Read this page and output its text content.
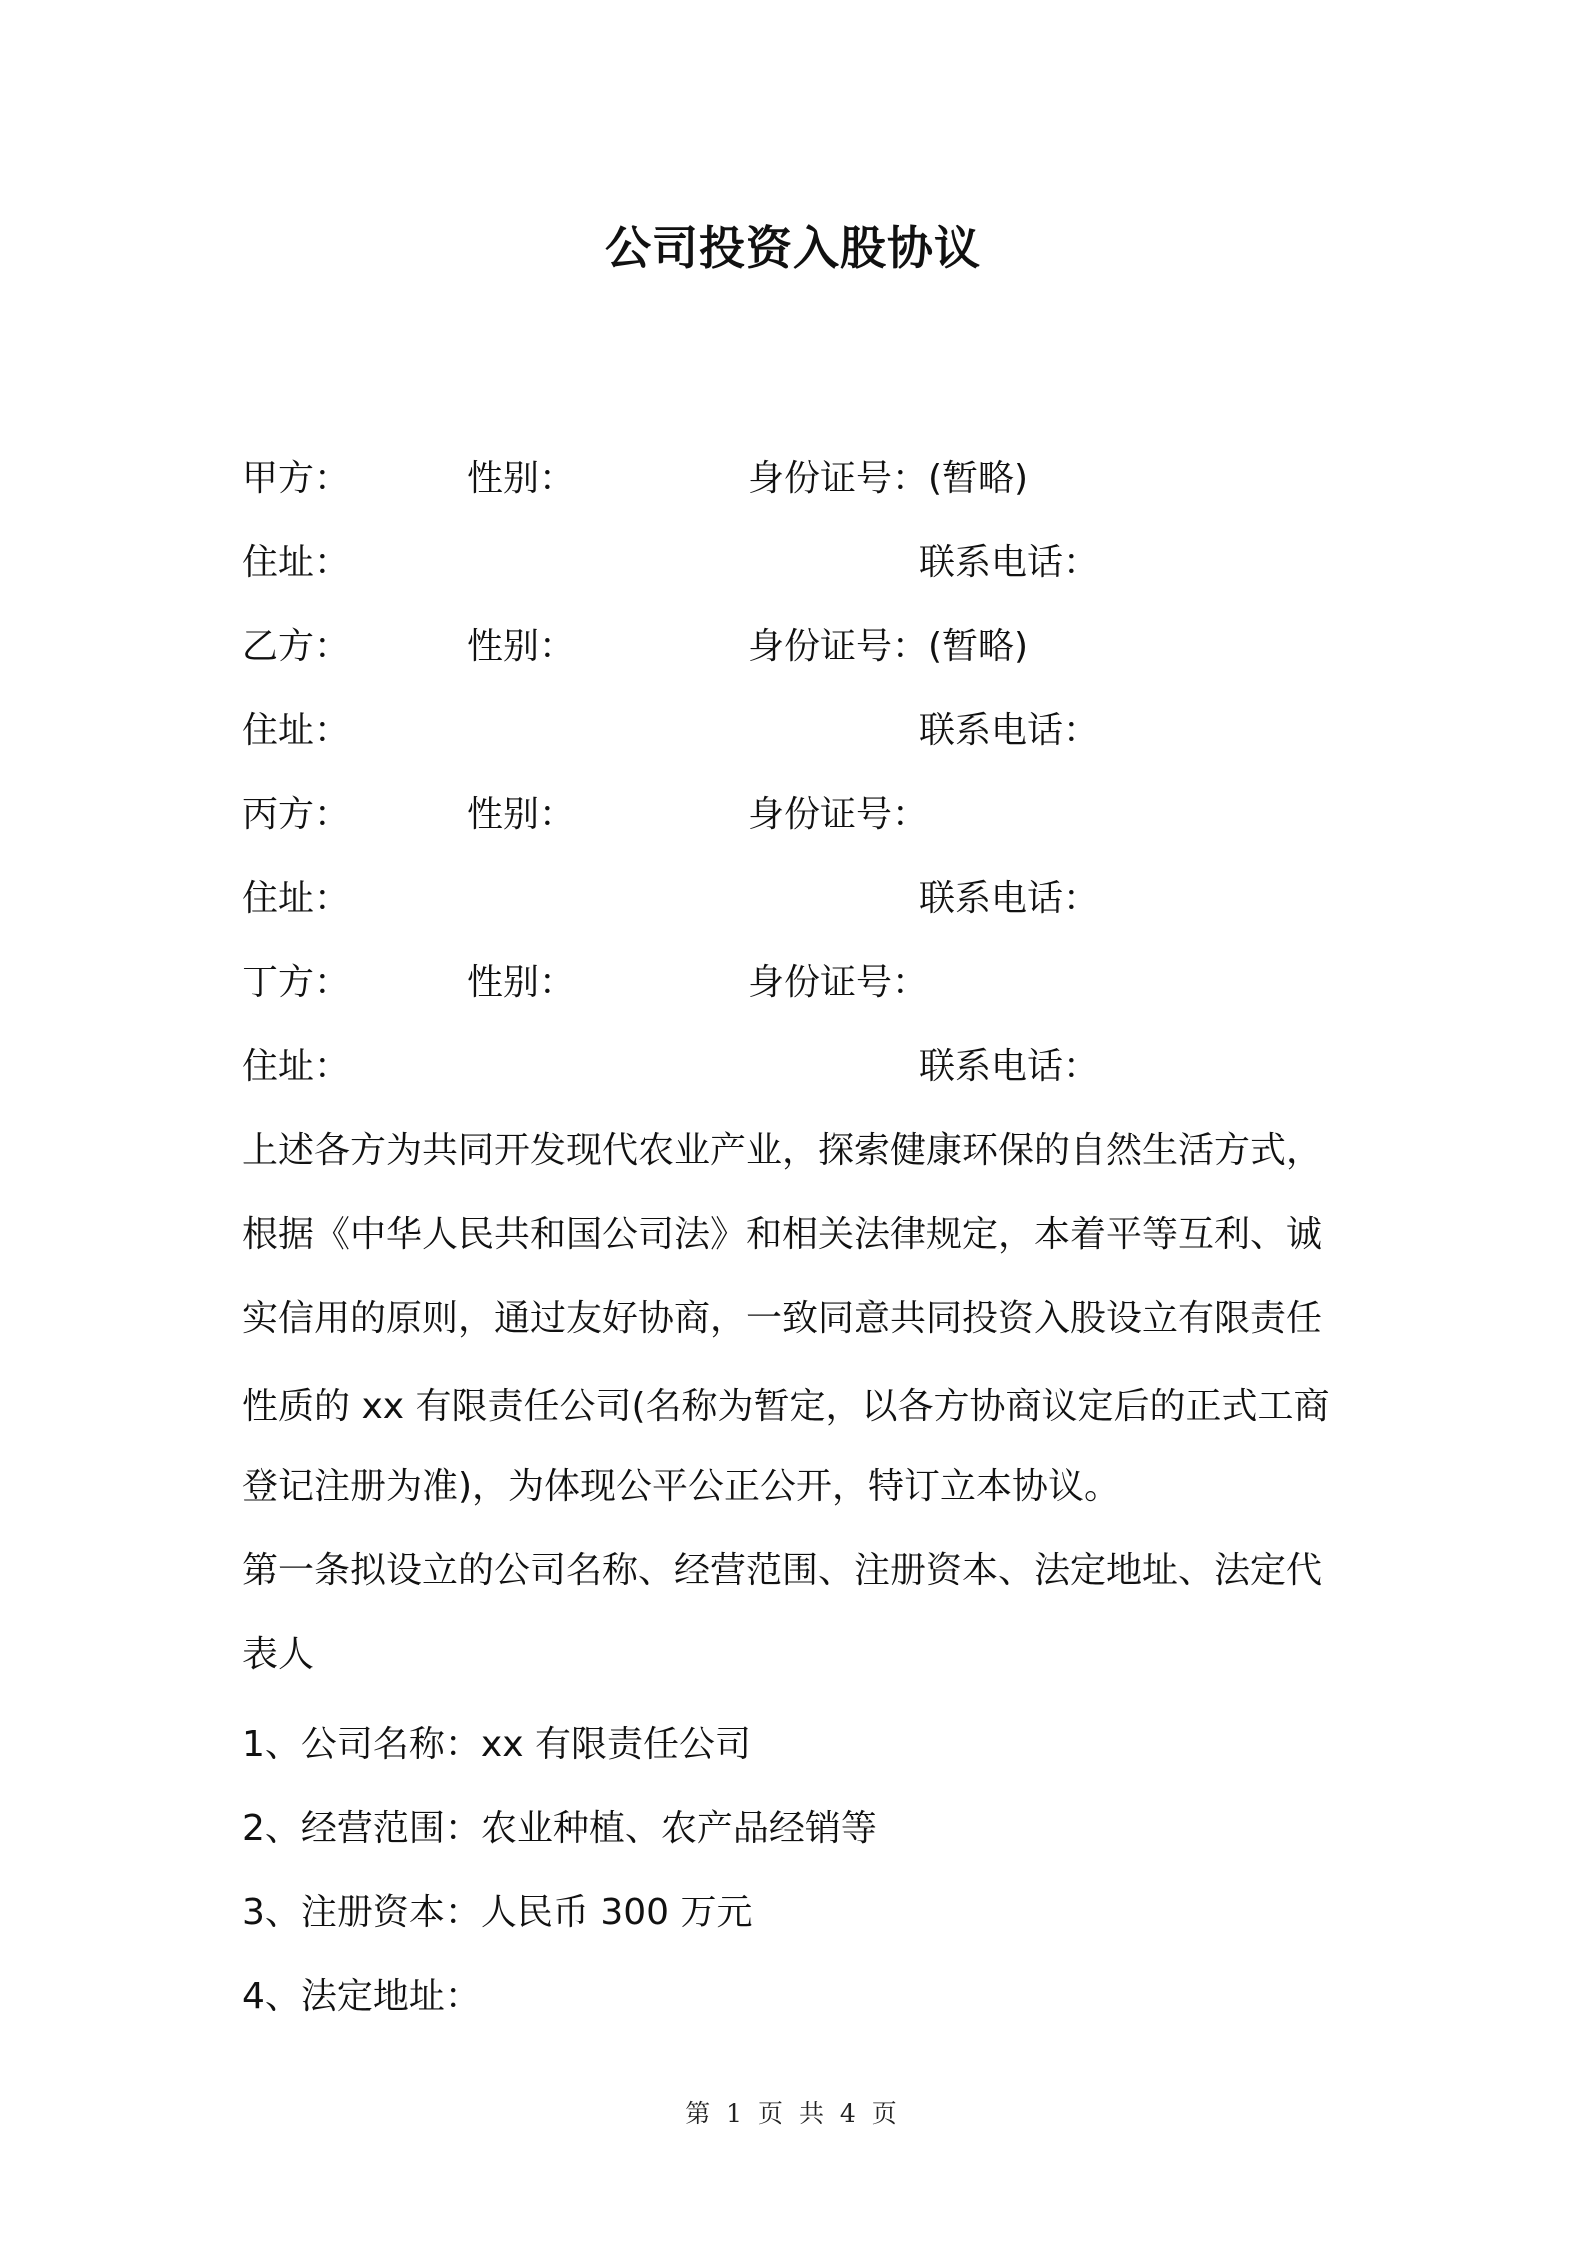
公司投资入股协议
甲方：	性别：	身份证号：(暂略)
住址：	联系电话：
乙方：	性别：	身份证号：(暂略)
住址：	联系电话：
丙方：	性别：	身份证号：
住址：	联系电话：
丁方：	性别：	身份证号：
住址：	联系电话：
上述各方为共同开发现代农业产业，探索健康环保的自然生活方式，
根据《中华人民共和国公司法》和相关法律规定，本着平等互利、诚
实信用的原则，通过友好协商，一致同意共同投资入股设立有限责任
性质的 xx 有限责任公司(名称为暂定，以各方协商议定后的正式工商
登记注册为准)，为体现公平公正公开，特订立本协议。
第一条拟设立的公司名称、经营范围、注册资本、法定地址、法定代
表人
1、公司名称：xx 有限责任公司
2、经营范围：农业种植、农产品经销等
3、注册资本：人民币 300 万元
4、法定地址：
第 1 页 共 4 页
